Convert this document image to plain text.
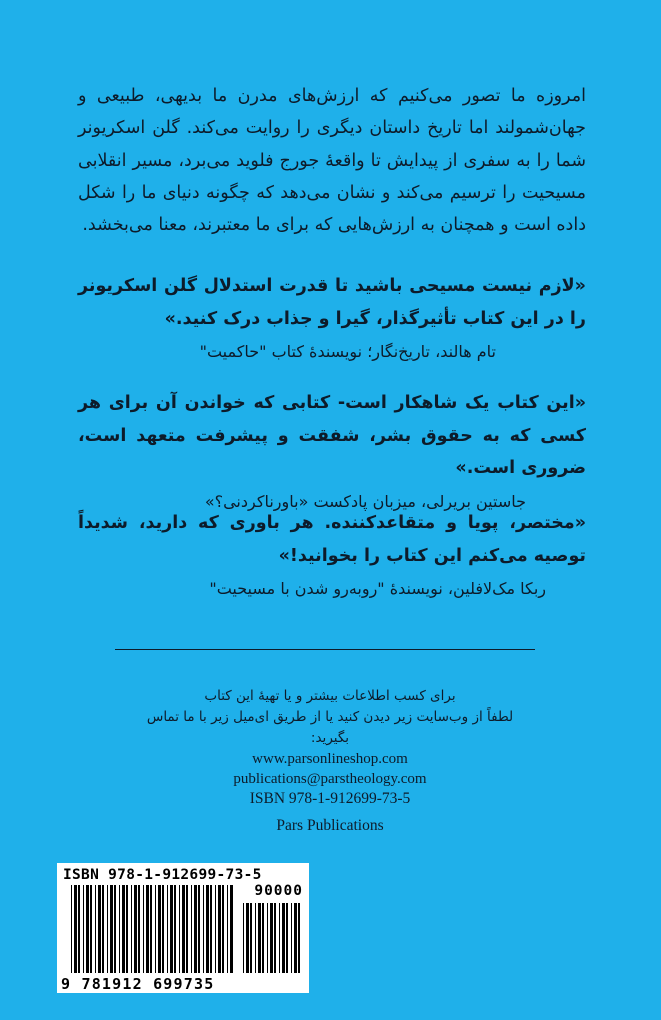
امروزه ما تصور می‌کنیم که ارزش‌های مدرن ما بدیهی، طبیعی و جهان‌شمولند اما تاریخ داستان دیگری را روایت می‌کند. گلن اسکریونر شما را به سفری از پیدایش تا واقعهٔ جورج فلوید می‌برد، مسیر انقلابی مسیحیت را ترسیم می‌کند و نشان می‌دهد که چگونه دنیای ما را شکل داده است و همچنان به ارزش‌هایی که برای ما معتبرند، معنا می‌بخشد.

«لازم نیست مسیحی باشید تا قدرت استدلال گلن اسکریونر را در این کتاب تأثیرگذار، گیرا و جذاب درک کنید.»

تام هالند، تاریخ‌نگار؛ نویسندهٔ کتاب "حاکمیت"

«این کتاب یک شاهکار است- کتابی که خواندن آن برای هر کسی که به حقوق بشر، شفقت و پیشرفت متعهد است، ضروری است.»

جاستین بریرلی، میزبان پادکست «باورناکردنی؟»

«مختصر، پویا و متقاعدکننده. هر باوری که دارید، شدیداً توصیه می‌کنم این کتاب را بخوانید!»

ربکا مک‌لافلین، نویسندهٔ "روبه‌رو شدن با مسیحیت"

برای کسب اطلاعات بیشتر و یا تهیهٔ این کتاب

لطفاً از وب‌سایت زیر دیدن کنید یا از طریق ای‌میل زیر با ما تماس بگیرید:

www.parsonlineshop.com

publications@parstheology.com

ISBN 978-1-912699-73-5

Pars Publications

ISBN 978-1-912699-73-5
90000
9 781912 699735
